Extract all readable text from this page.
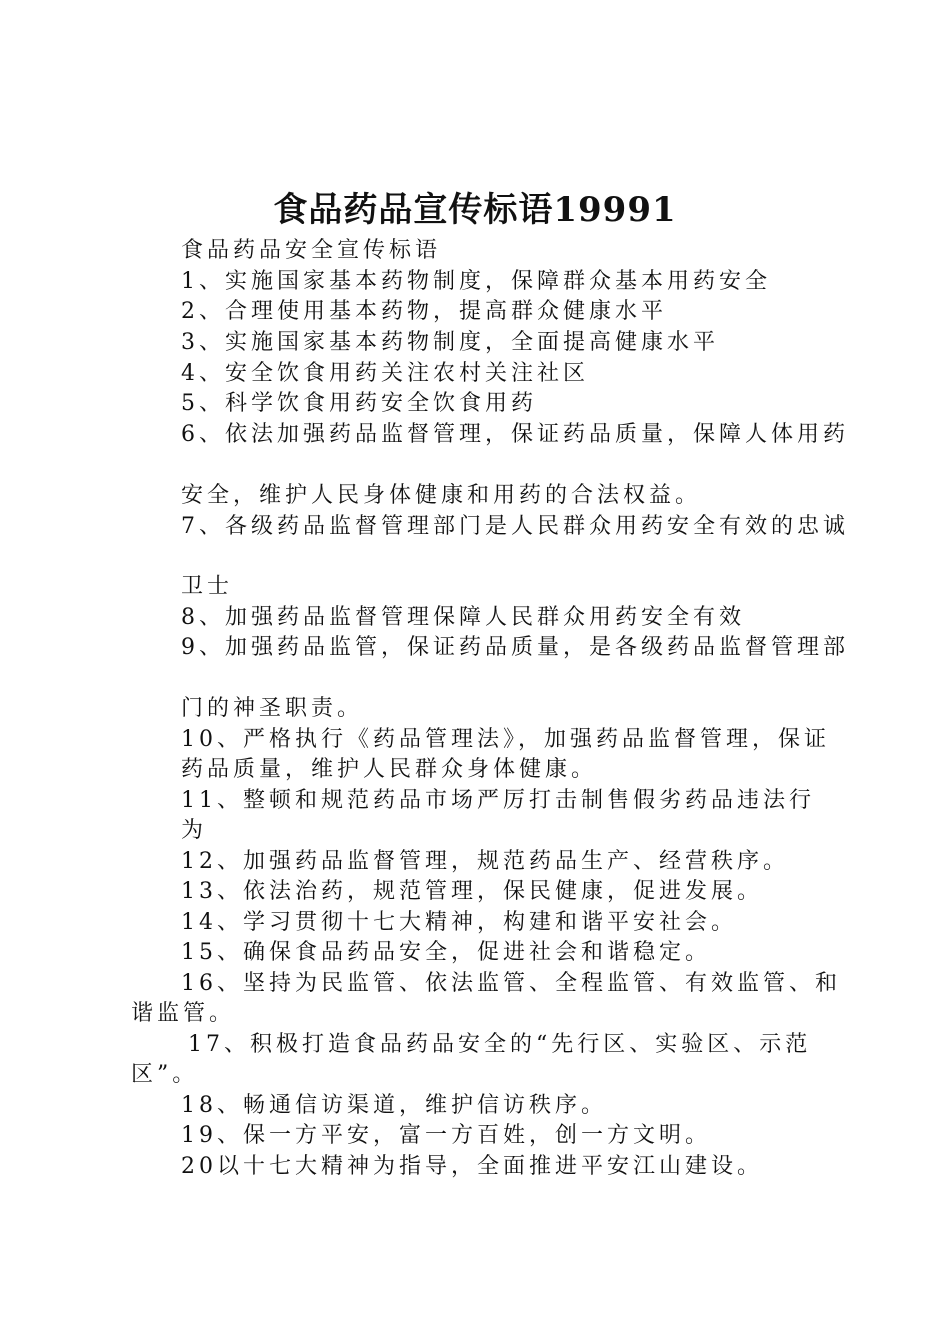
食品药品宣传标语19991
食品药品安全宣传标语
1、实施国家基本药物制度，保障群众基本用药安全
2、合理使用基本药物，提高群众健康水平
3、实施国家基本药物制度，全面提高健康水平
4、安全饮食用药关注农村关注社区
5、科学饮食用药安全饮食用药
6、依法加强药品监督管理，保证药品质量，保障人体用药
安全，维护人民身体健康和用药的合法权益。
7、各级药品监督管理部门是人民群众用药安全有效的忠诚
卫士
8、加强药品监督管理保障人民群众用药安全有效
9、加强药品监管，保证药品质量，是各级药品监督管理部
门的神圣职责。
10、严格执行《药品管理法》，加强药品监督管理，保证
药品质量，维护人民群众身体健康。
11、整顿和规范药品市场严厉打击制售假劣药品违法行
为
12、加强药品监督管理，规范药品生产、经营秩序。
13、依法治药，规范管理，保民健康，促进发展。
14、学习贯彻十七大精神，构建和谐平安社会。
15、确保食品药品安全，促进社会和谐稳定。
16、坚持为民监管、依法监管、全程监管、有效监管、和
谐监管。
17、积极打造食品药品安全的“先行区、实验区、示范
区”。
18、畅通信访渠道，维护信访秩序。
19、保一方平安，富一方百姓，创一方文明。
20以十七大精神为指导，全面推进平安江山建设。
